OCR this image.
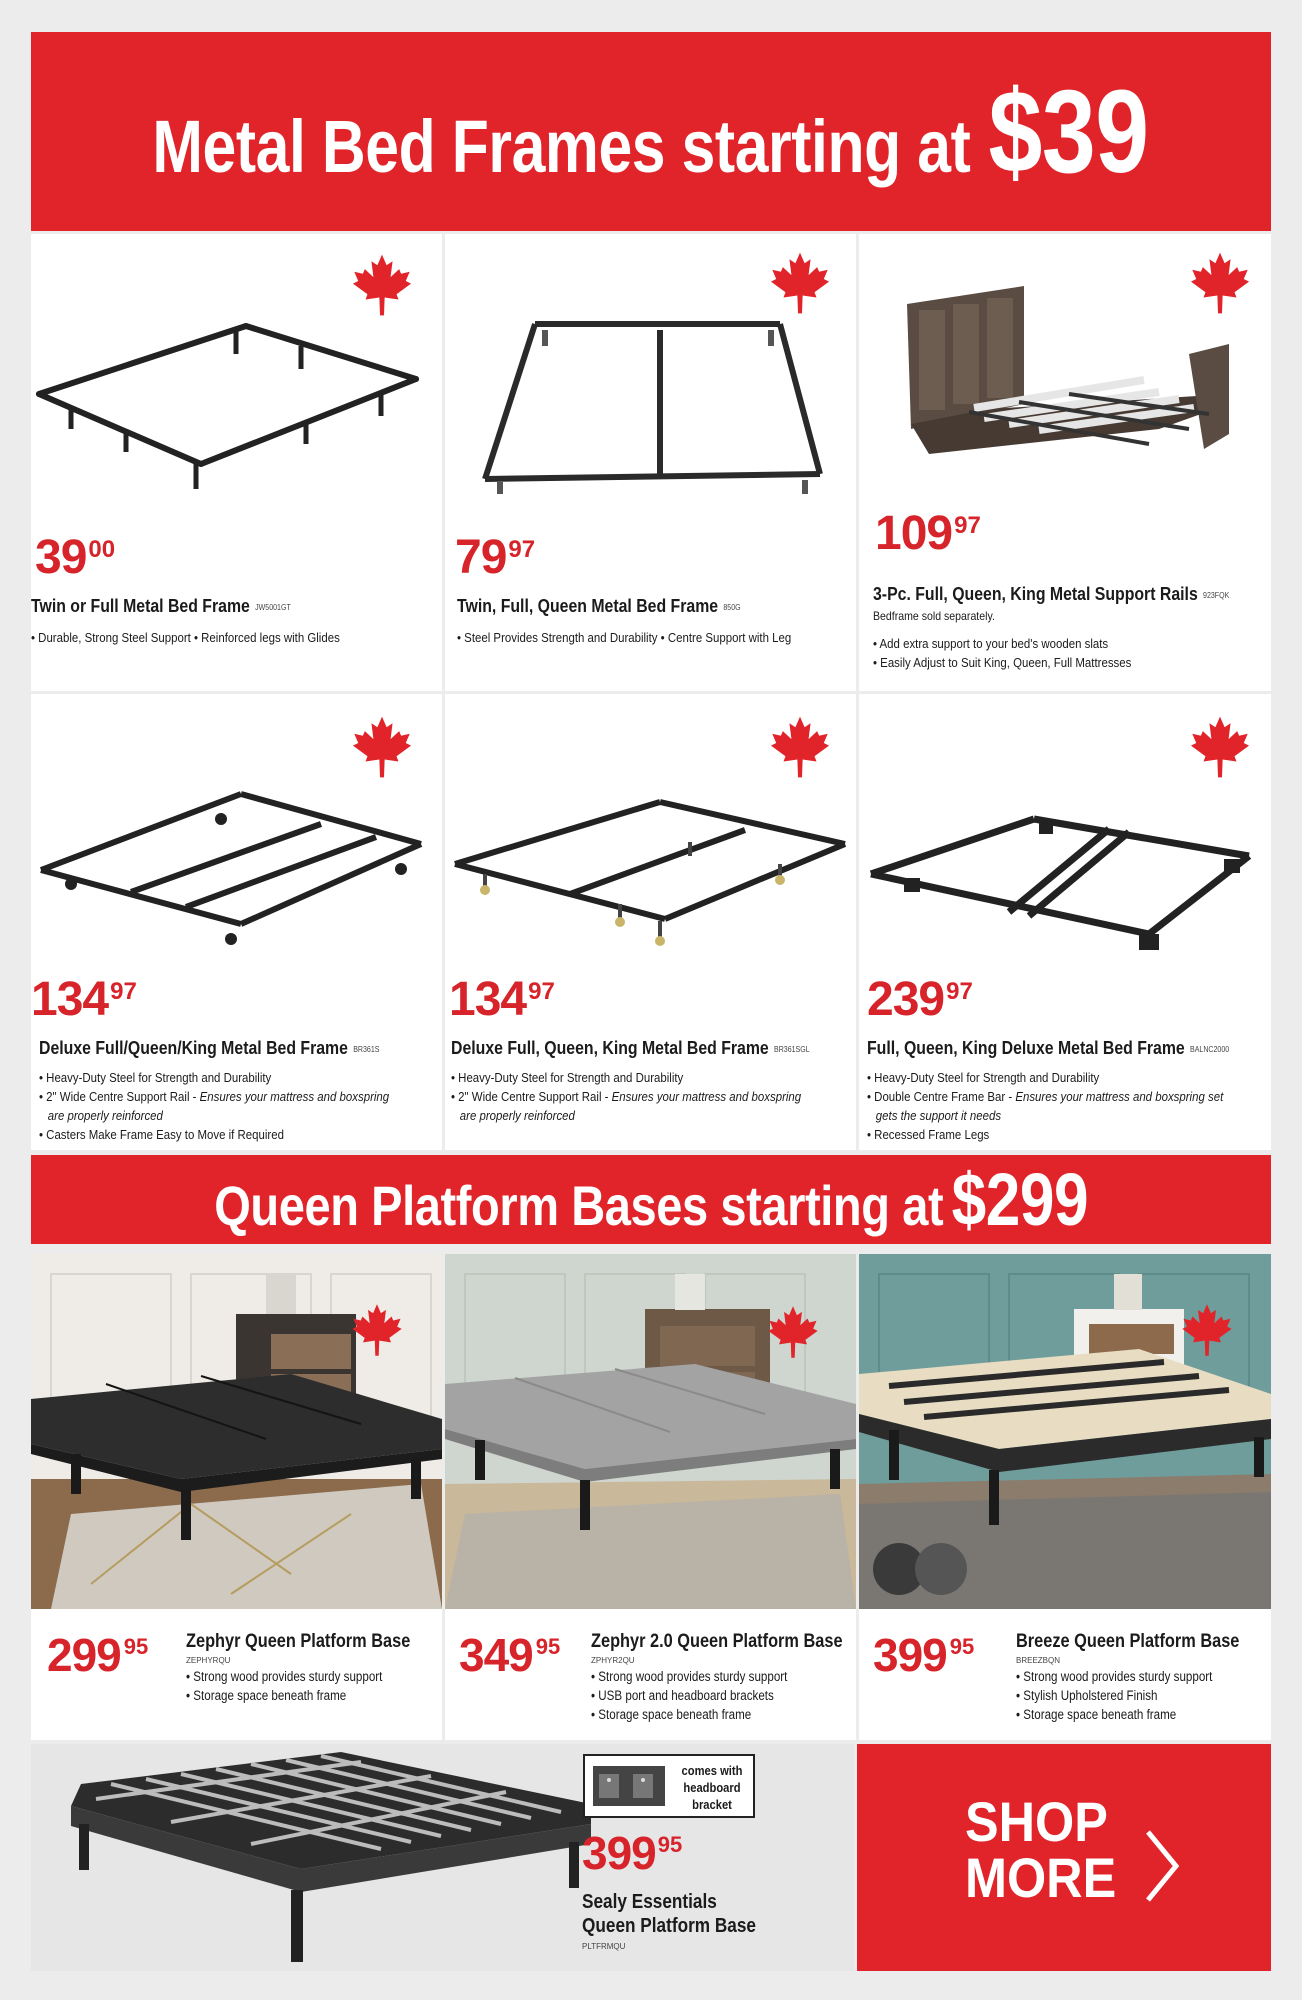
Metal Bed Frames starting at $39
39 00
Twin or Full Metal Bed Frame JW5001GT
• Durable, Strong Steel Support • Reinforced legs with Glides
79 97
Twin, Full, Queen Metal Bed Frame 850G
• Steel Provides Strength and Durability • Centre Support with Leg
109 97
3-Pc. Full, Queen, King Metal Support Rails 923FQK
Bedframe sold separately.
• Add extra support to your bed's wooden slats
• Easily Adjust to Suit King, Queen, Full Mattresses
134 97
Deluxe Full/Queen/King Metal Bed Frame BR361S
• Heavy-Duty Steel for Strength and Durability
• 2" Wide Centre Support Rail - Ensures your mattress and boxspring
are properly reinforced
• Casters Make Frame Easy to Move if Required
134 97
Deluxe Full, Queen, King Metal Bed Frame BR361SGL
• Heavy-Duty Steel for Strength and Durability
• 2" Wide Centre Support Rail - Ensures your mattress and boxspring
are properly reinforced
239 97
Full, Queen, King Deluxe Metal Bed Frame BALNC2000
• Heavy-Duty Steel for Strength and Durability
• Double Centre Frame Bar - Ensures your mattress and boxspring set
gets the support it needs
• Recessed Frame Legs
Queen Platform Bases starting at $299
299 95 Zephyr Queen Platform Base
ZEPHYRQU
• Strong wood provides sturdy support
• Storage space beneath frame
349 95 Zephyr 2.0 Queen Platform Base
ZPHYR2QU
• Strong wood provides sturdy support
• USB port and headboard brackets
• Storage space beneath frame
399 95 Breeze Queen Platform Base
BREEZBQN
• Strong wood provides sturdy support
• Stylish Upholstered Finish
• Storage space beneath frame
comes with
headboard
bracket
399 95
Sealy Essentials
Queen Platform Base
PLTFRMQU
SHOP
MORE
